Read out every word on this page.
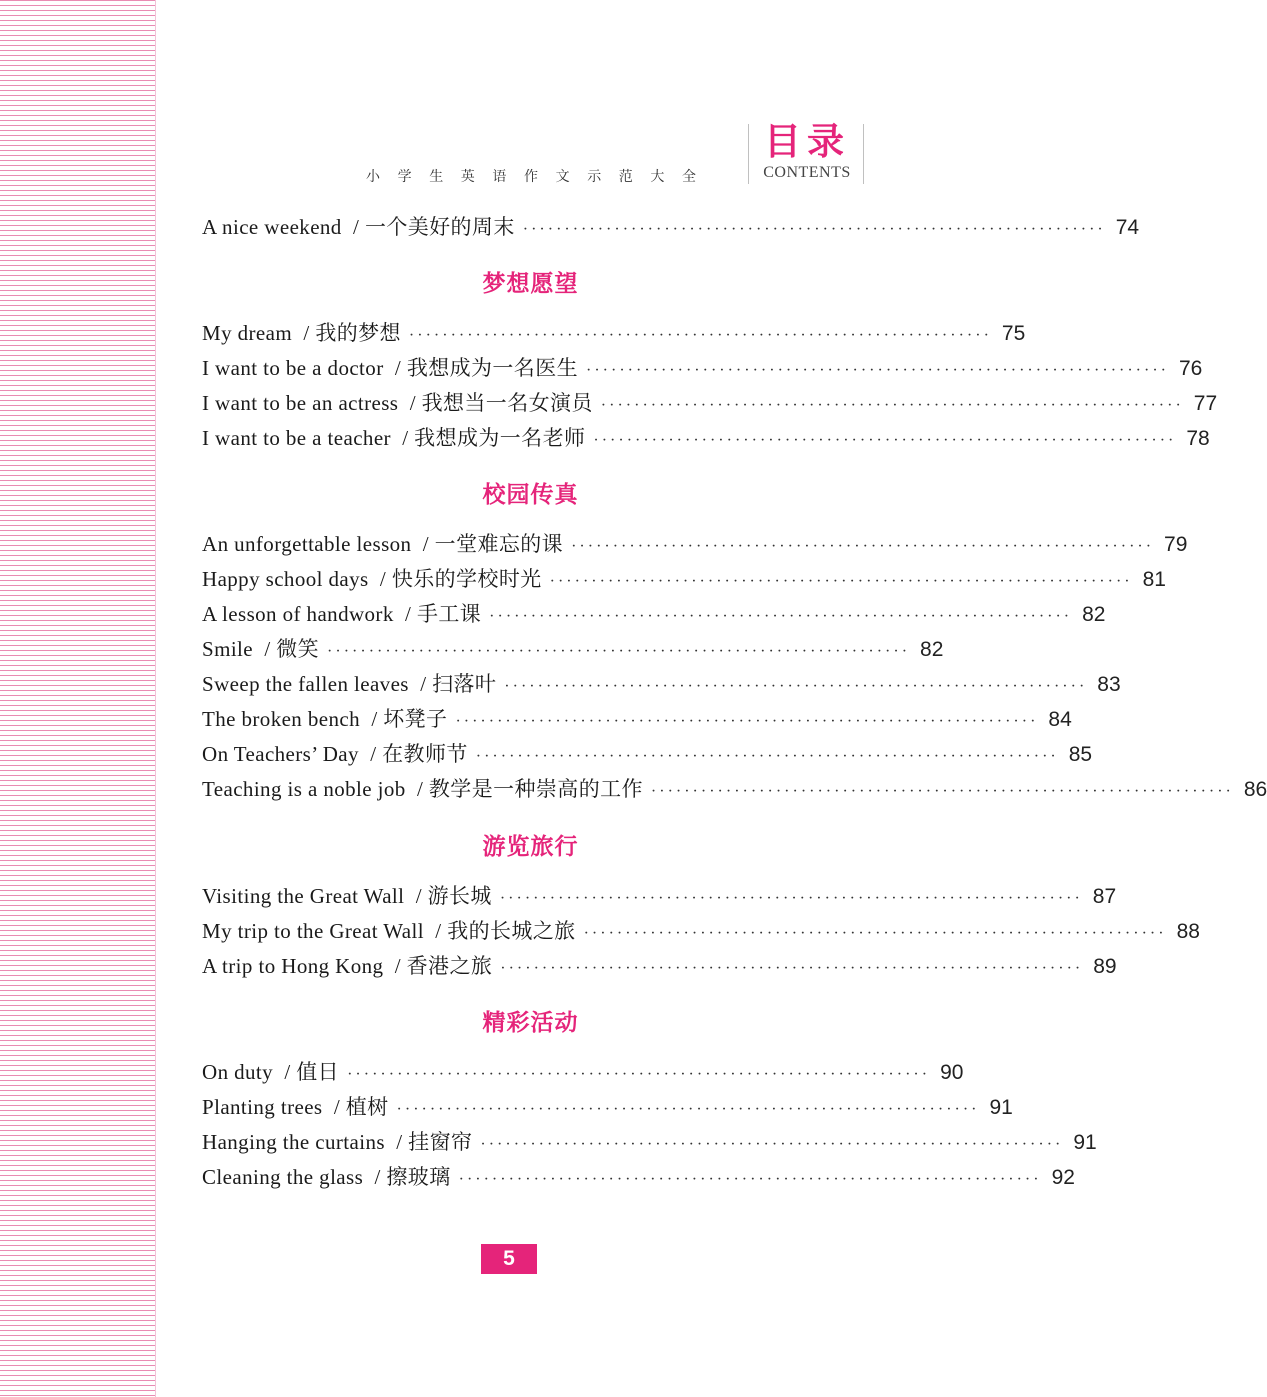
小学生英语作文示范大全
目录
CONTENTS
A nice weekend / 一个美好的周末 ······································································ 74
梦想愿望
My dream / 我的梦想 ······································································ 75
I want to be a doctor / 我想成为一名医生 ······································································ 76
I want to be an actress / 我想当一名女演员 ······································································ 77
I want to be a teacher / 我想成为一名老师 ······································································ 78
校园传真
An unforgettable lesson / 一堂难忘的课 ······································································ 79
Happy school days / 快乐的学校时光 ······································································ 81
A lesson of handwork / 手工课 ······································································ 82
Smile / 微笑 ······································································ 82
Sweep the fallen leaves / 扫落叶 ······································································ 83
The broken bench / 坏凳子 ······································································ 84
On Teachers’ Day / 在教师节 ······································································ 85
Teaching is a noble job / 教学是一种崇高的工作 ······································································ 86
游览旅行
Visiting the Great Wall / 游长城 ······································································ 87
My trip to the Great Wall / 我的长城之旅 ······································································ 88
A trip to Hong Kong / 香港之旅 ······································································ 89
精彩活动
On duty / 值日 ······································································ 90
Planting trees / 植树 ······································································ 91
Hanging the curtains / 挂窗帘 ······································································ 91
Cleaning the glass / 擦玻璃 ······································································ 92
5
